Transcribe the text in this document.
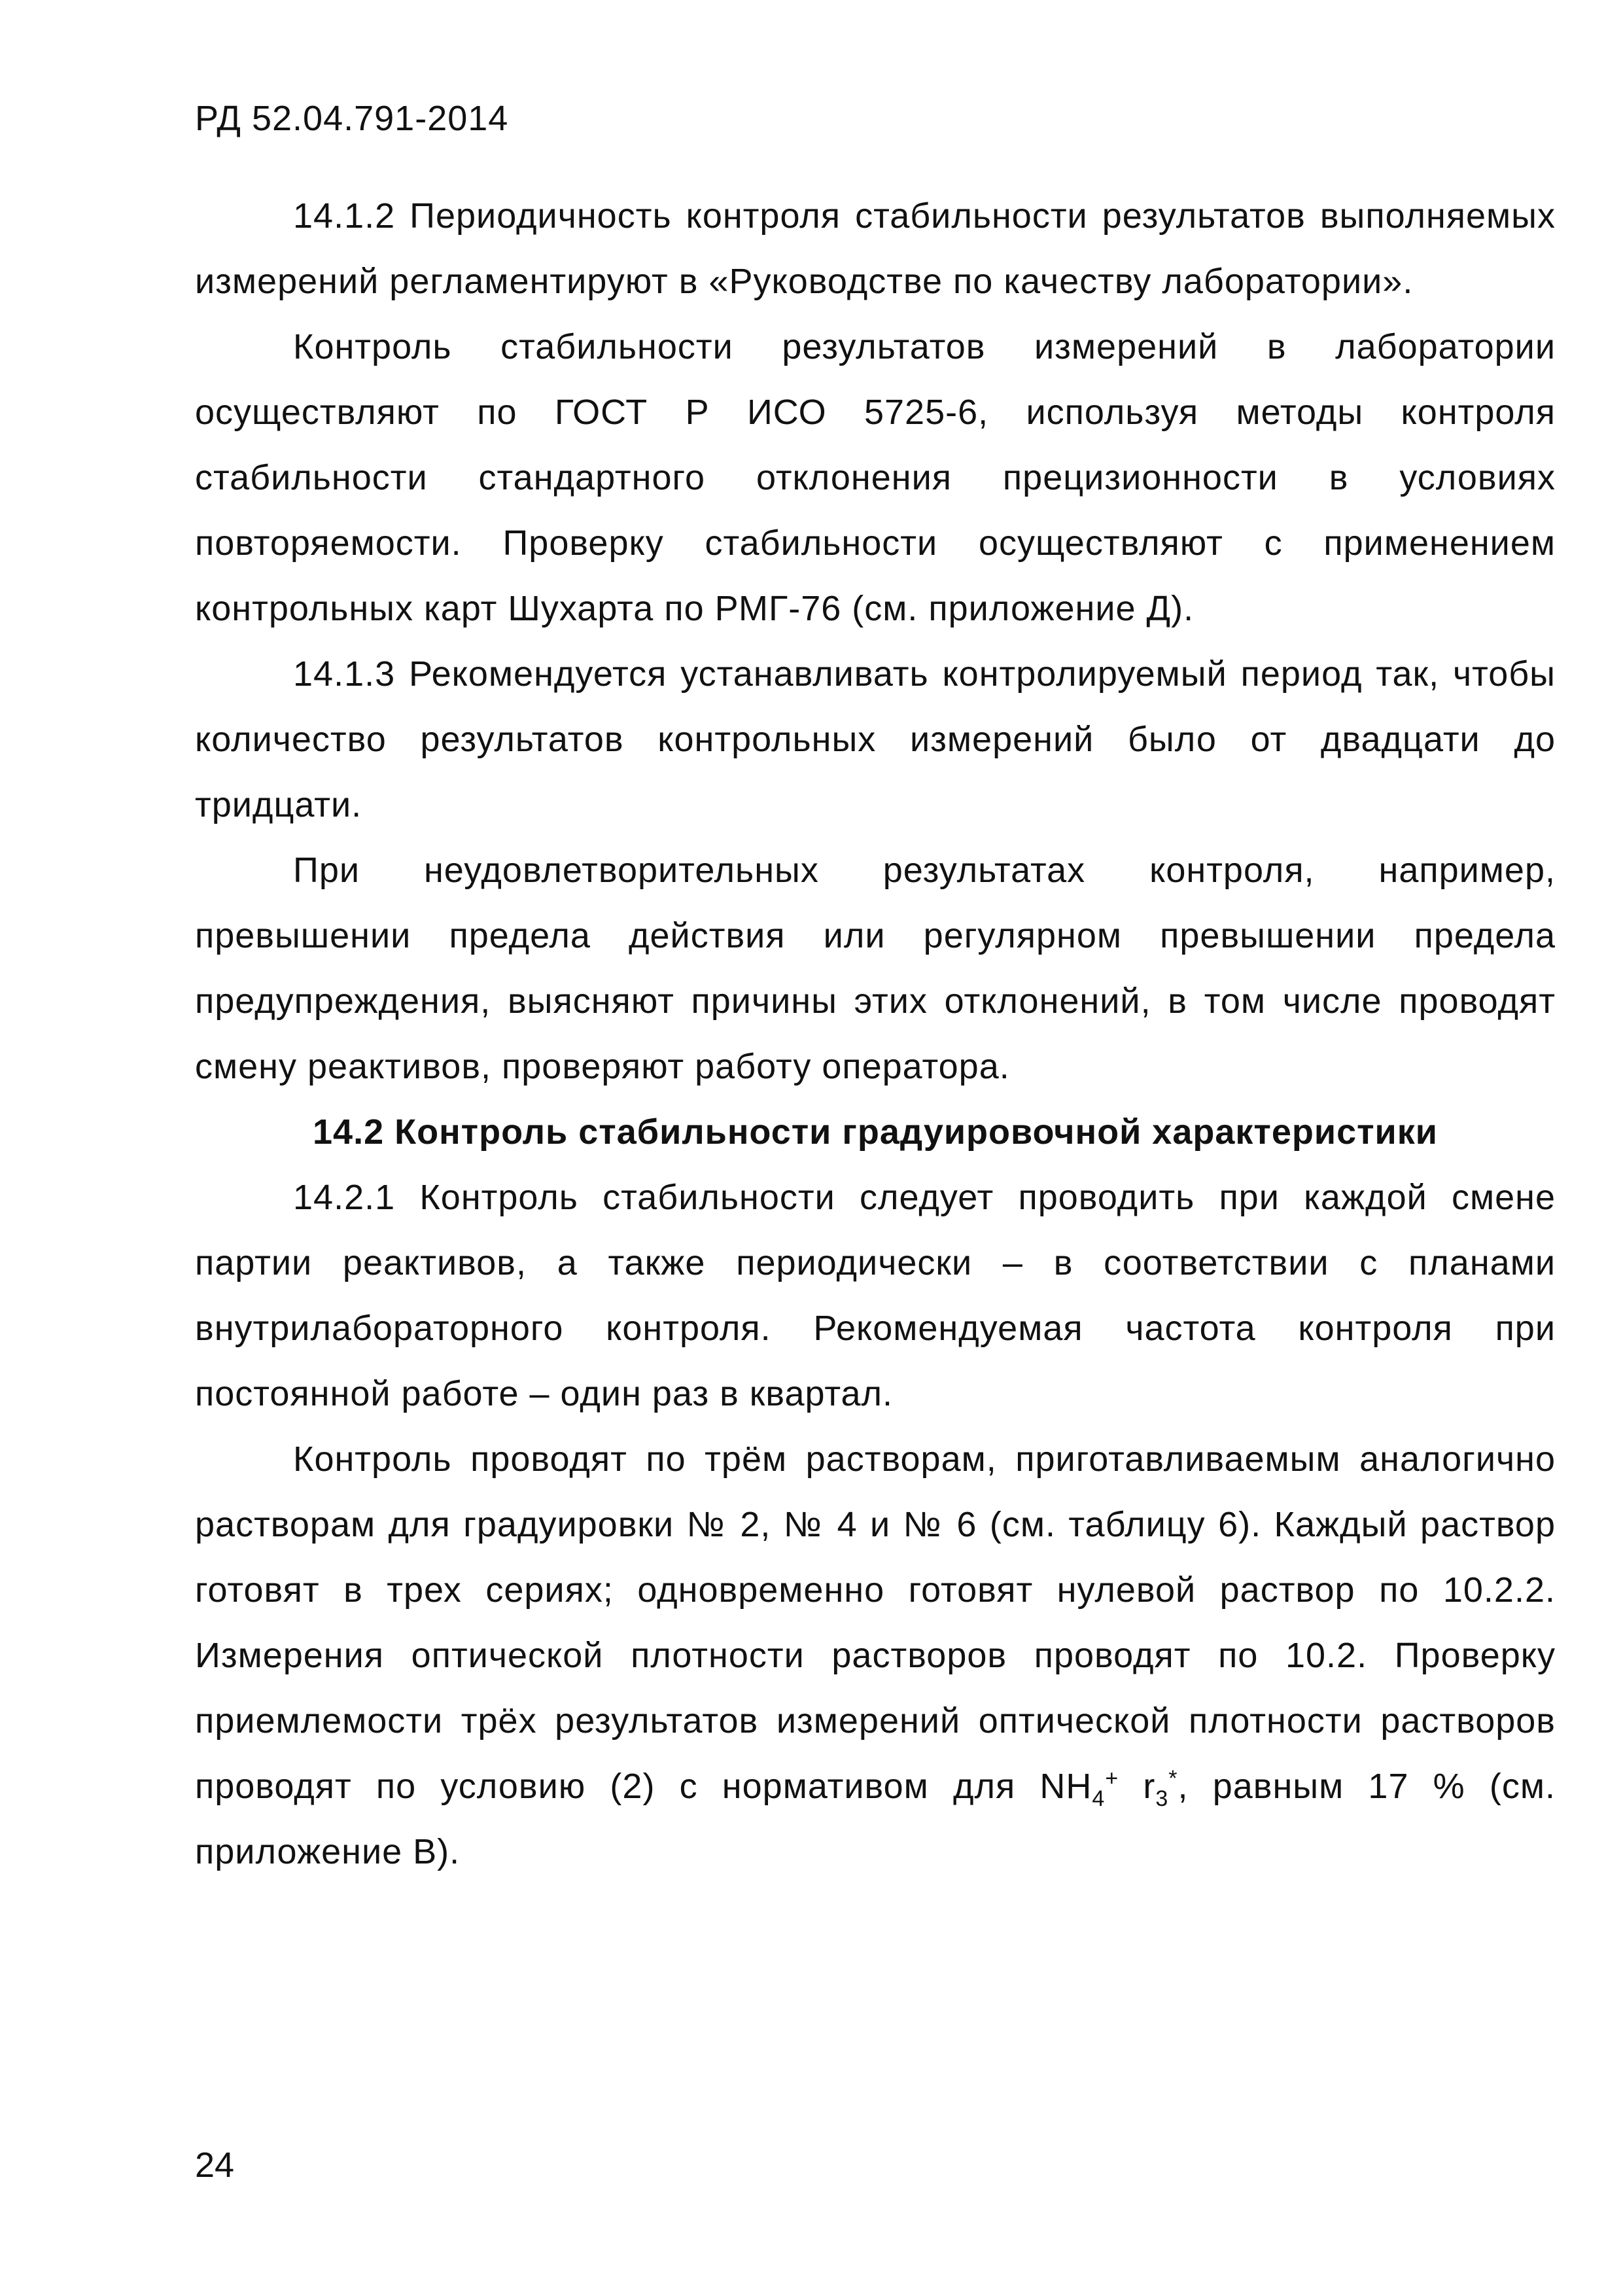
РД 52.04.791-2014

14.1.2 Периодичность контроля стабильности результатов выполняемых измерений регламентируют в «Руководстве по качеству лаборатории».

Контроль стабильности результатов измерений в лаборатории осуществляют по ГОСТ Р ИСО 5725-6, используя методы контроля стабильности стандартного отклонения прецизионности в условиях повторяемости. Проверку стабильности осуществляют с применением контрольных карт Шухарта по РМГ-76 (см. приложение Д).

14.1.3 Рекомендуется устанавливать контролируемый период так, чтобы количество результатов контрольных измерений было от двадцати до тридцати.

При неудовлетворительных результатах контроля, например, превышении предела действия или регулярном превышении предела предупреждения, выясняют причины этих отклонений, в том числе проводят смену реактивов, проверяют работу оператора.

14.2 Контроль стабильности градуировочной характеристики

14.2.1 Контроль стабильности следует проводить при каждой смене партии реактивов, а также периодически – в соответствии с планами внутрилабораторного контроля. Рекомендуемая частота контроля при постоянной работе – один раз в квартал.

Контроль проводят по трём растворам, приготавливаемым аналогично растворам для градуировки № 2, № 4 и № 6 (см. таблицу 6). Каждый раствор готовят в трех сериях; одновременно готовят нулевой раствор по 10.2.2. Измерения оптической плотности растворов проводят по 10.2. Проверку приемлемости трёх результатов измерений оптической плотности растворов проводят по условию (2) с нормативом для $NH_4^+$ $r_3^*$, равным 17 % (см. приложение В).

24
